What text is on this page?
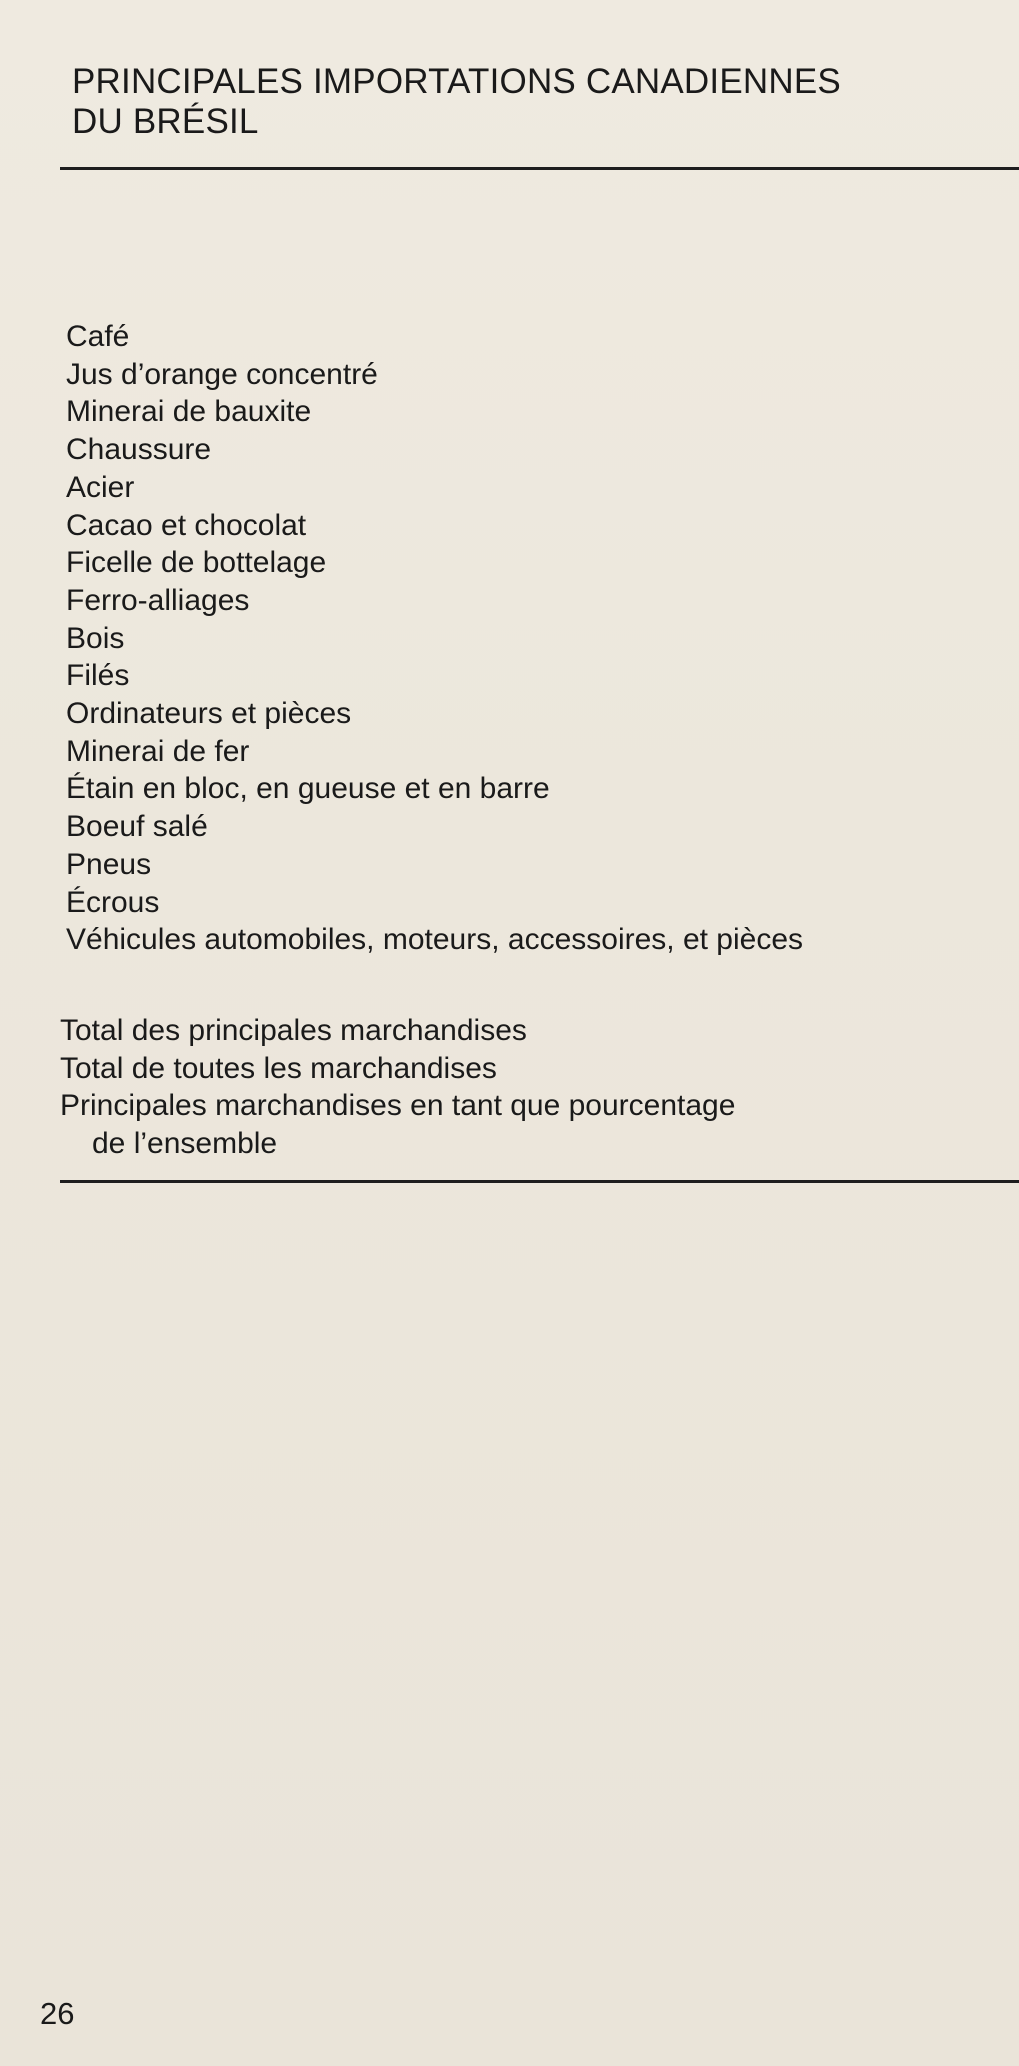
PRINCIPALES IMPORTATIONS CANADIENNES
DU BRÉSIL
Café
Jus d’orange concentré
Minerai de bauxite
Chaussure
Acier
Cacao et chocolat
Ficelle de bottelage
Ferro-alliages
Bois
Filés
Ordinateurs et pièces
Minerai de fer
Étain en bloc, en gueuse et en barre
Boeuf salé
Pneus
Écrous
Véhicules automobiles, moteurs, accessoires, et pièces
Total des principales marchandises
Total de toutes les marchandises
Principales marchandises en tant que pourcentage
de l’ensemble
26
